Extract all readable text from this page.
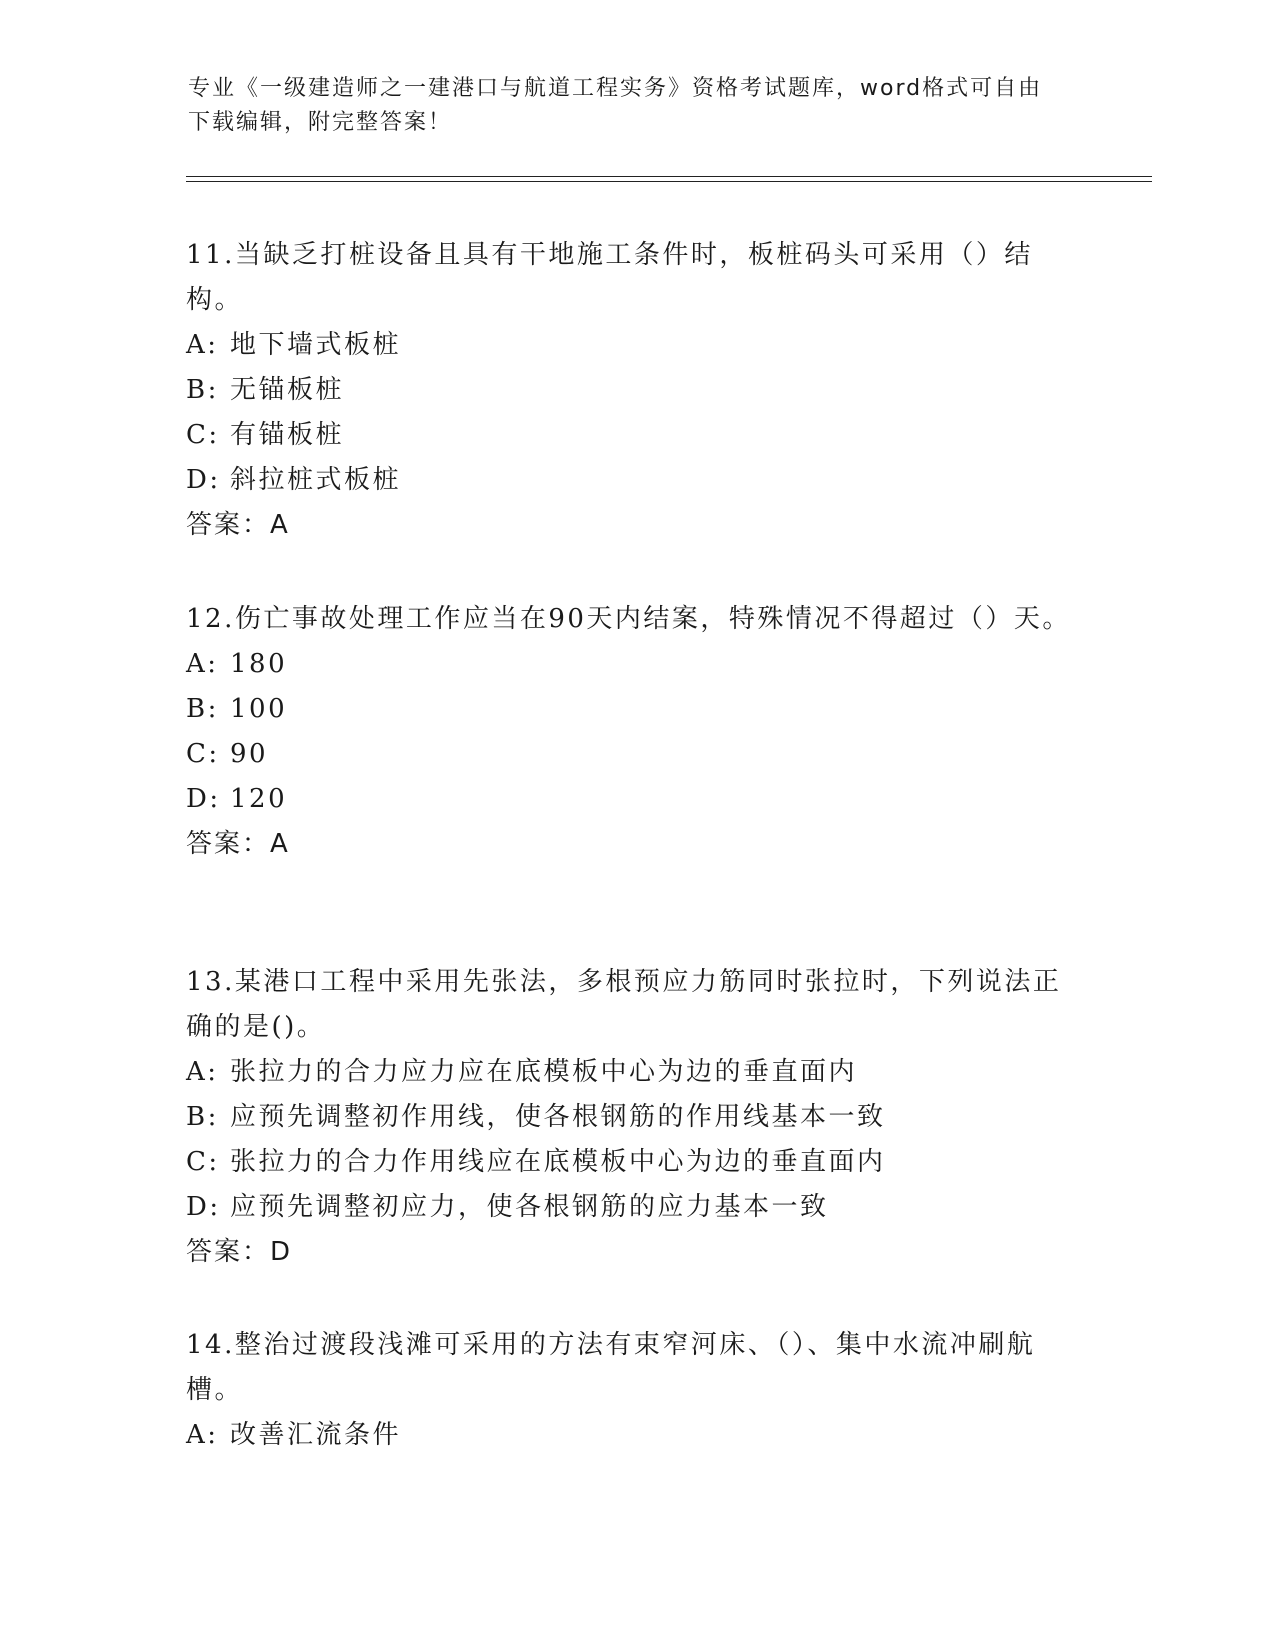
专业《一级建造师之一建港口与航道工程实务》资格考试题库，word格式可自由
下载编辑，附完整答案！

11.当缺乏打桩设备且具有干地施工条件时，板桩码头可采用（）结构。

A: 地下墙式板桩

B: 无锚板桩

C: 有锚板桩

D: 斜拉桩式板桩

答案：A

12.伤亡事故处理工作应当在90天内结案，特殊情况不得超过（）天。

A: 180

B: 100

C: 90

D: 120

答案：A

13.某港口工程中采用先张法，多根预应力筋同时张拉时，下列说法正确的是()。

A: 张拉力的合力应力应在底模板中心为边的垂直面内

B: 应预先调整初作用线，使各根钢筋的作用线基本一致

C: 张拉力的合力作用线应在底模板中心为边的垂直面内

D: 应预先调整初应力，使各根钢筋的应力基本一致

答案：D

14.整治过渡段浅滩可采用的方法有束窄河床、（）、集中水流冲刷航槽。

A: 改善汇流条件
